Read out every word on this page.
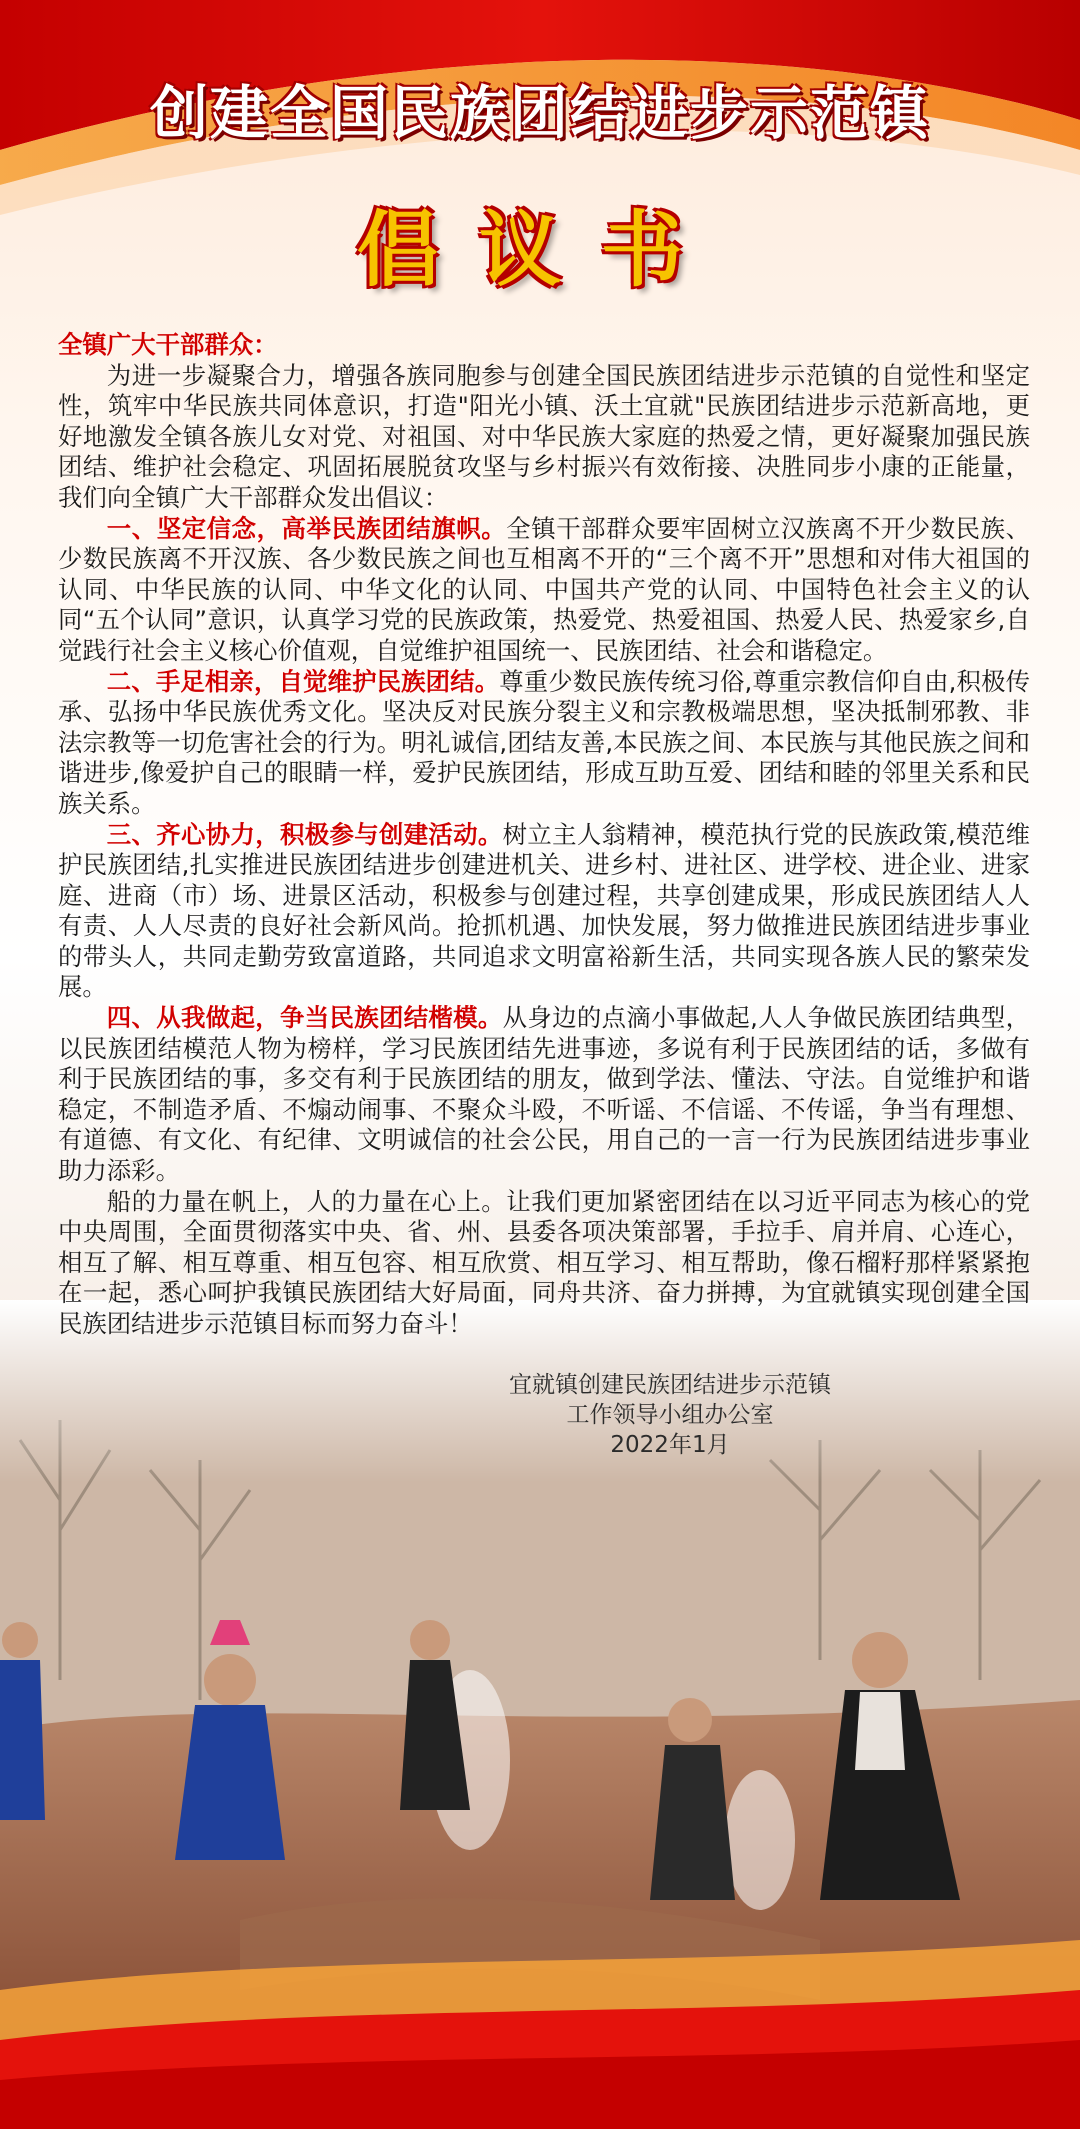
创建全国民族团结进步示范镇
倡议书

全镇广大干部群众：

为进一步凝聚合力，增强各族同胞参与创建全国民族团结进步示范镇的自觉性和坚定性，筑牢中华民族共同体意识，打造"阳光小镇、沃土宜就"民族团结进步示范新高地，更好地激发全镇各族儿女对党、对祖国、对中华民族大家庭的热爱之情，更好凝聚加强民族团结、维护社会稳定、巩固拓展脱贫攻坚与乡村振兴有效衔接、决胜同步小康的正能量，我们向全镇广大干部群众发出倡议：

一、坚定信念，高举民族团结旗帜。全镇干部群众要牢固树立汉族离不开少数民族、少数民族离不开汉族、各少数民族之间也互相离不开的“三个离不开”思想和对伟大祖国的认同、中华民族的认同、中华文化的认同、中国共产党的认同、中国特色社会主义的认同“五个认同”意识，认真学习党的民族政策，热爱党、热爱祖国、热爱人民、热爱家乡,自觉践行社会主义核心价值观，自觉维护祖国统一、民族团结、社会和谐稳定。

二、手足相亲，自觉维护民族团结。尊重少数民族传统习俗,尊重宗教信仰自由,积极传承、弘扬中华民族优秀文化。坚决反对民族分裂主义和宗教极端思想，坚决抵制邪教、非法宗教等一切危害社会的行为。明礼诚信,团结友善,本民族之间、本民族与其他民族之间和谐进步,像爱护自己的眼睛一样，爱护民族团结，形成互助互爱、团结和睦的邻里关系和民族关系。

三、齐心协力，积极参与创建活动。树立主人翁精神，模范执行党的民族政策,模范维护民族团结,扎实推进民族团结进步创建进机关、进乡村、进社区、进学校、进企业、进家庭、进商（市）场、进景区活动，积极参与创建过程，共享创建成果，形成民族团结人人有责、人人尽责的良好社会新风尚。抢抓机遇、加快发展，努力做推进民族团结进步事业的带头人，共同走勤劳致富道路，共同追求文明富裕新生活，共同实现各族人民的繁荣发展。

四、从我做起，争当民族团结楷模。从身边的点滴小事做起,人人争做民族团结典型，以民族团结模范人物为榜样，学习民族团结先进事迹，多说有利于民族团结的话，多做有利于民族团结的事，多交有利于民族团结的朋友，做到学法、懂法、守法。自觉维护和谐稳定，不制造矛盾、不煽动闹事、不聚众斗殴，不听谣、不信谣、不传谣，争当有理想、有道德、有文化、有纪律、文明诚信的社会公民，用自己的一言一行为民族团结进步事业助力添彩。

船的力量在帆上，人的力量在心上。让我们更加紧密团结在以习近平同志为核心的党中央周围，全面贯彻落实中央、省、州、县委各项决策部署，手拉手、肩并肩、心连心，相互了解、相互尊重、相互包容、相互欣赏、相互学习、相互帮助，像石榴籽那样紧紧抱在一起，悉心呵护我镇民族团结大好局面，同舟共济、奋力拼搏，为宜就镇实现创建全国民族团结进步示范镇目标而努力奋斗！

宜就镇创建民族团结进步示范镇
工作领导小组办公室
2022年1月
